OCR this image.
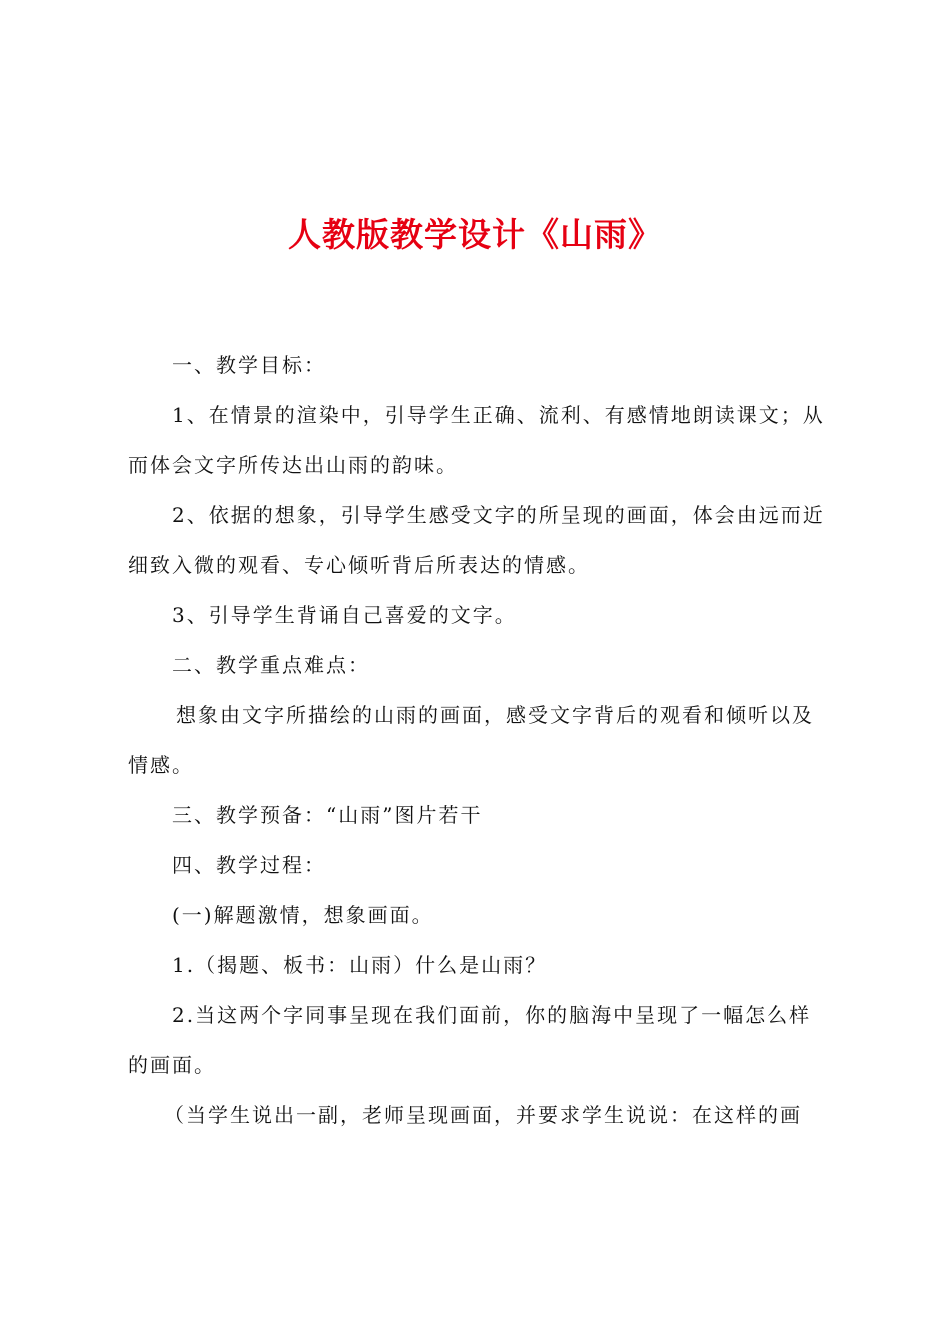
人教版教学设计《山雨》

一、教学目标：

1、在情景的渲染中，引导学生正确、流利、有感情地朗读课文；从

而体会文字所传达出山雨的韵味。

2、依据的想象，引导学生感受文字的所呈现的画面，体会由远而近

细致入微的观看、专心倾听背后所表达的情感。

3、引导学生背诵自己喜爱的文字。

二、教学重点难点：

想象由文字所描绘的山雨的画面，感受文字背后的观看和倾听以及

情感。

三、教学预备：“山雨”图片若干

四、教学过程：

(一)解题激情，想象画面。

1.（揭题、板书：山雨）什么是山雨？

2.当这两个字同事呈现在我们面前，你的脑海中呈现了一幅怎么样

的画面。

（当学生说出一副，老师呈现画面，并要求学生说说：在这样的画
